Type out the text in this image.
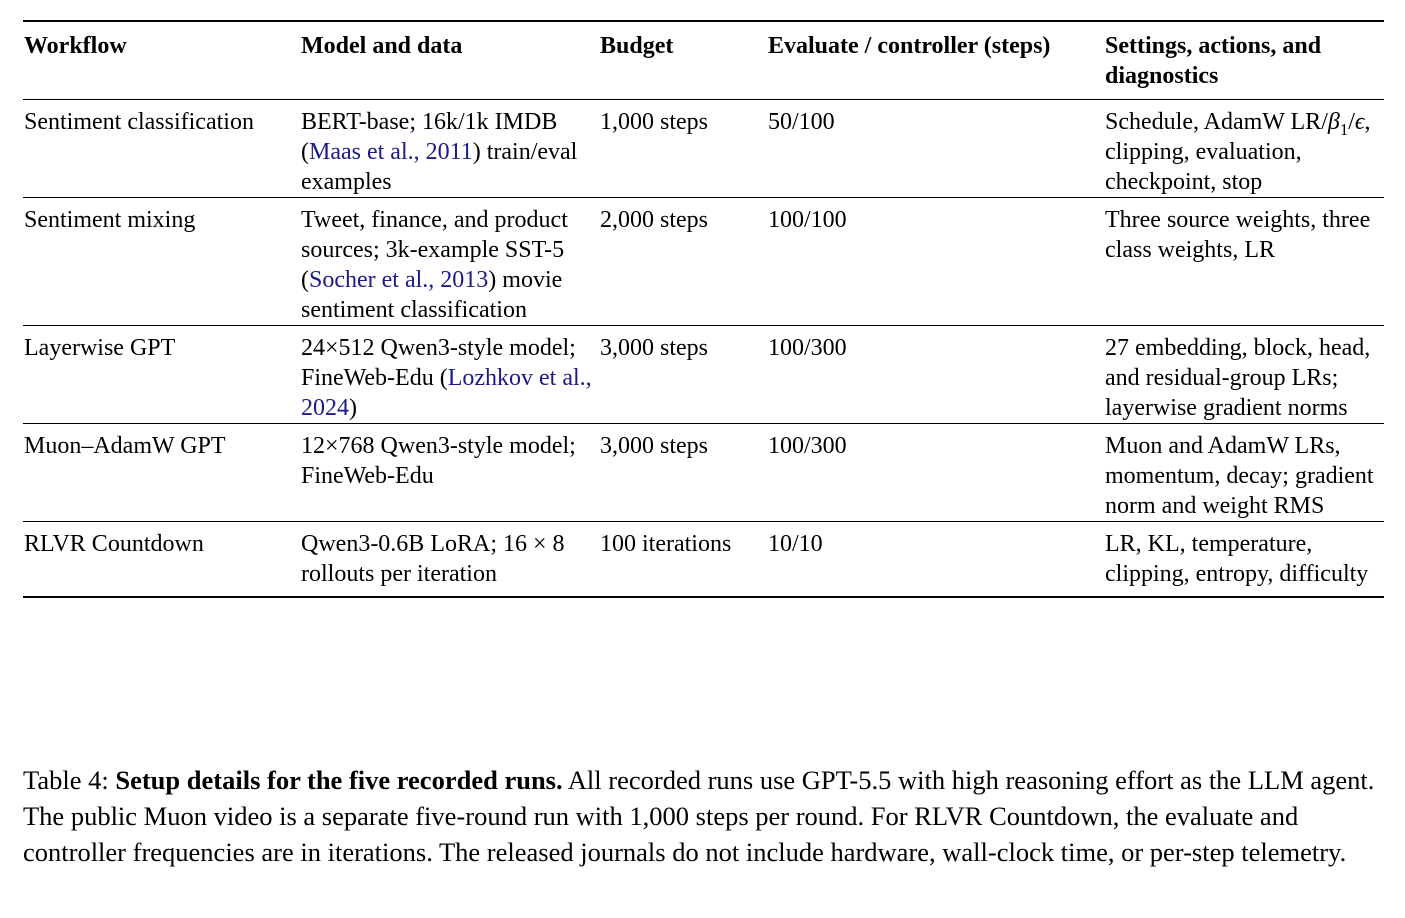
Workflow	Model and data	Budget	Evaluate / controller (steps)	Settings, actions, and diagnostics
Sentiment classification	BERT-base; 16k/1k IMDB (Maas et al., 2011) train/eval examples	1,000 steps	50/100	Schedule, AdamW $LR/\beta_1/\epsilon$, clipping, evaluation, checkpoint, stop
Sentiment mixing	Tweet, finance, and product sources; 3k-example SST-5 (Socher et al., 2013) movie sentiment classification	2,000 steps	100/100	Three source weights, three class weights, LR
Layerwise GPT	24×512 Qwen3-style model; FineWeb-Edu (Lozhkov et al., 2024)	3,000 steps	100/300	27 embedding, block, head, and residual-group LRs; layerwise gradient norms
Muon–AdamW GPT	12×768 Qwen3-style model; FineWeb-Edu	3,000 steps	100/300	Muon and AdamW LRs, momentum, decay; gradient norm and weight RMS
RLVR Countdown	Qwen3-0.6B LoRA; 16 × 8 rollouts per iteration	100 iterations	10/10	LR, KL, temperature, clipping, entropy, difficulty
Table 4: Setup details for the five recorded runs. All recorded runs use GPT-5.5 with high reasoning effort as the LLM agent. The public Muon video is a separate five-round run with 1,000 steps per round. For RLVR Countdown, the evaluate and controller frequencies are in iterations. The released journals do not include hardware, wall-clock time, or per-step telemetry.
